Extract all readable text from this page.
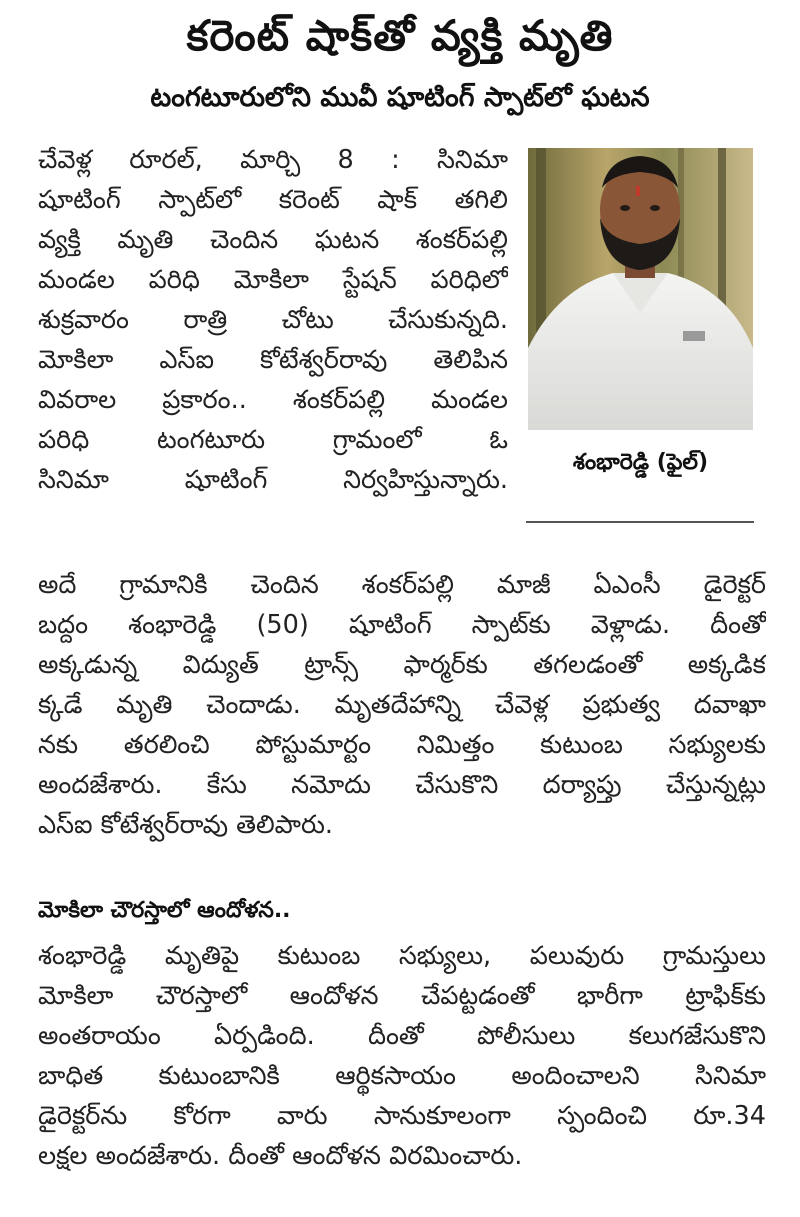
కరెంట్ షాక్‌తో వ్యక్తి మృతి
టంగటూరులోని మువీ షూటింగ్ స్పాట్‌లో ఘటన
చేవెళ్ల రూరల్, మార్చి 8 : సినిమా
షూటింగ్ స్పాట్‌లో కరెంట్ షాక్ తగిలి
వ్యక్తి మృతి చెందిన ఘటన శంకర్‌పల్లి
మండల పరిధి మోకిలా స్టేషన్ పరిధిలో
శుక్రవారం రాత్రి చోటు చేసుకున్నది.
మోకిలా ఎస్ఐ కోటేశ్వర్‌రావు తెలిపిన
వివరాల ప్రకారం.. శంకర్‌పల్లి మండల
పరిధి టంగటూరు గ్రామంలో ఓ
సినిమా షూటింగ్ నిర్వహిస్తున్నారు.
శంభారెడ్డి (ఫైల్)
అదే గ్రామానికి చెందిన శంకర్‌పల్లి మాజీ ఏఎంసీ డైరెక్టర్
బద్దం శంభారెడ్డి (50) షూటింగ్ స్పాట్‌కు వెళ్లాడు. దీంతో
అక్కడున్న విద్యుత్ ట్రాన్స్ ఫార్మర్‌కు తగలడంతో అక్కడిక
క్కడే మృతి చెందాడు. మృతదేహాన్ని చేవెళ్ల ప్రభుత్వ దవాఖా
నకు తరలించి పోస్టుమార్టం నిమిత్తం కుటుంబ సభ్యులకు
అందజేశారు. కేసు నమోదు చేసుకొని దర్యాప్తు చేస్తున్నట్లు
ఎస్ఐ కోటేశ్వర్‌రావు తెలిపారు.
మోకిలా చౌరస్తాలో ఆందోళన..
శంభారెడ్డి మృతిపై కుటుంబ సభ్యులు, పలువురు గ్రామస్తులు
మోకిలా చౌరస్తాలో ఆందోళన చేపట్టడంతో భారీగా ట్రాఫిక్‌కు
అంతరాయం ఏర్పడింది. దీంతో పోలీసులు కలుగజేసుకొని
బాధిత కుటుంబానికి ఆర్థికసాయం అందించాలని సినిమా
డైరెక్టర్‌ను కోరగా వారు సానుకూలంగా స్పందించి రూ.34
లక్షల అందజేశారు. దీంతో ఆందోళన విరమించారు.
